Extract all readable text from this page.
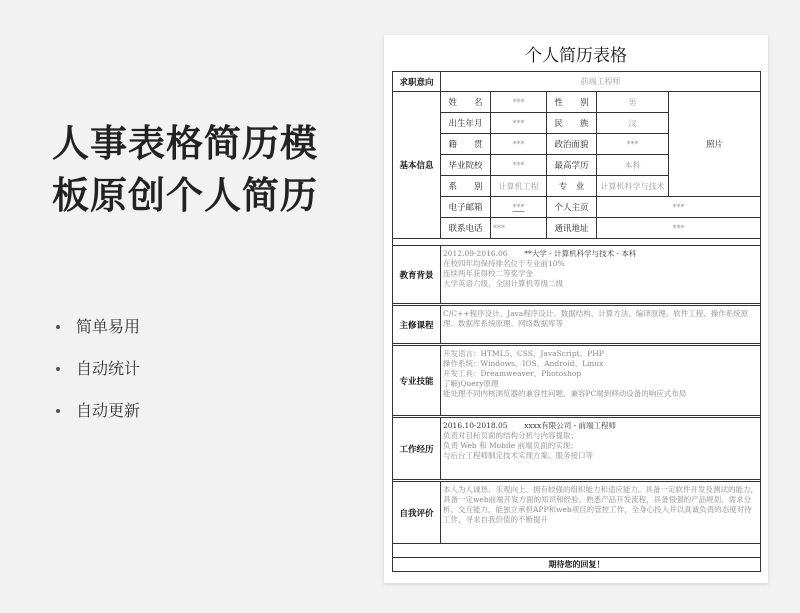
人事表格简历模
板原创个人简历
简单易用
自动统计
自动更新
个人简历表格
求职意向	前端工程师				
基本信息	姓　　名	***	性　　别	男	照片
	出生年月	***	民　　族	汉	
	籍　　贯	***	政治面貌	***	
	毕业院校	***	最高学历	本科	
	系　　别	计算机工程	专　业	计算机科学与技术	
	电子邮箱	***	个人主页	***	
	联系电话	***	通讯地址	***	

教育背景	2012.09-2016.06 **大学 - 计算机科学与技术 - 本科
在校四年均保持排名位于专业前10%
连续两年获得校二等奖学金
大学英语六级、全国计算机等级二级				

主修课程	C/C++程序设计、Java程序设计、数据结构、计算方法、编译原理、软件工程、操作系统原理、数据库系统原理、网络数据库等				

专业技能	开发语言：HTML5、CSS、JavaScript、PHP
操作系统：Windows、IOS、Android、Linux
开发工具：Dreamweaver、Photoshop
了解jQuery原理
能处理不同内核浏览器的兼容性问题，兼容PC端到移动设备的响应式布局				

工作经历	2016.10-2018.05 xxxx有限公司 - 前端工程师
负责对目标页面的结构分析与内容提取；
负责 Web 和 Mobile 前端页面的实现；
与后台工程师制定技术实现方案、服务接口等				

自我评价	本人为人诚恳、乐观向上、拥有较强的组织能力和适应能力。具备一定软件开发及测试的能力，具备一定web前端开发方面的知识和经验。熟悉产品开发流程，具备很强的产品规划、需求分析、交互能力，能独立承担APP和web项目的管控工作，全身心投入并以真诚负责的态度对待工作，寻求自我价值的不断提升				

期待您的回复！					
